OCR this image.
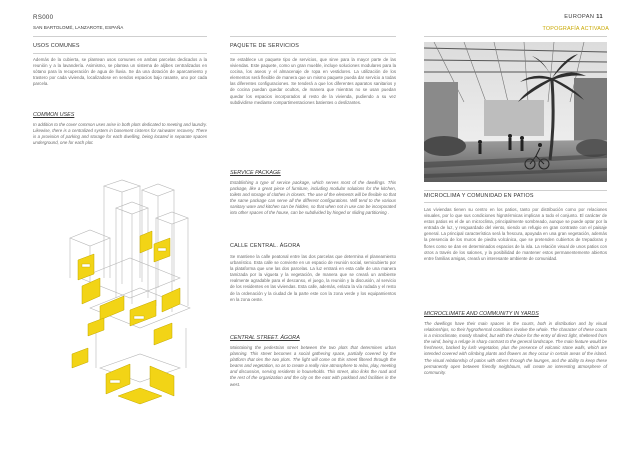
RS000
SAN BARTOLOMÉ, LANZAROTE, ESPAÑA
EUROPAN 11
TOPOGRAFÍA ACTIVADA
USOS COMUNES
Además de la cubierta, se plantean usos comunes en ambas parcelas dedicados a la reunión y a la lavandería. Asimismo, se plantea un sistema de aljibes centralizados en sótano para la recuperación de agua de lluvia. Se da una dotación de aparcamiento y trastero por cada vivienda, localizadose en sendos espacios bajo rasante, uno por cada parcela.
COMMON USES
In addition to the cover common uses arise in both plots dedicated to meeting and laundry. Likewise, there is a centralized system in basement cisterns for rainwater recovery. There is a provision of parking and storage for each dwelling, being located in separate spaces underground, one for each plot.
PAQUETE DE SERVICIOS
Se establece un paquete tipo de servicios, que sirve para la mayor parte de las viviendas. Este paquete, como un gran mueble, incluye soluciones modulares para la cocina, los aseos y el almacenaje de ropa en vestidores. La utilización de los elementos será flexible de manera que un mismo paquete pueda dar servicio a todas las diferentes configuraciones. Se tenderá a que los diferentes aparatos sanitarios y de cocina puedan quedar ocultos, de manera que mientras no se usan puedan quedar los espacios incorporados al resto de la vivienda, pudiendo a su vez subdividirse mediante compartimentaciones batientes o deslizantes.
SERVICE PACKAGE
Establishing a type of service package, which serves most of the dwellings. This package, like a great piece of furniture, including modular solutions for the kitchen, toilets and storage of clothes in closets. The use of the elements will be flexible so that the same package can serve all the different configurations. Will tend to the various sanitary ware and kitchen can be hidden, so that when not in use can be incorporated into other spaces of the house, can be subdivided by hinged or sliding partitioning .
CALLE CENTRAL. ÁGORA
Se mantiene la calle peatonal entre las dos parcelas que determina el planeamiento urbanístico. Esta calle se convierte en un espacio de reunión social, semicubierto por la plataforma que une las dos parcelas. La luz entrará en esta calle de una manera tamizada por la vigueta y la vegetación, de manera que se creará un ambiente realmente agradable para el descanso, el juego, la reunión y la discusión, al servicio de los residentes en las viviendas. Esta calle, además, enlaza la vía rodada y el resto de la ordenación y la ciudad de la parte este con la zona verde y los equipamientos en la zona oeste.
CENTRAL STREET. ÁGORA
Maintaining the pedestrian street between the two plots that determines urban planning. This street becomes a social gathering space, partially covered by the platform that ties the two plots. The light will come on this street filtered through the beams and vegetation, so as to create a really nice atmosphere to relax, play, meeting and discussion, serving residents in households. This street, also links the road and the rest of the organization and the city on the east with parkland and facilities in the west.
MICROCLIMA Y COMUNIDAD EN PATIOS
Las viviendas tienen su centro en los patios, tanto por distribución como por relaciones visuales, por lo que sus condiciones higrotérmicas implican a todo el conjunto. El carácter de estos patios es el de un microclima, principalmente sombreado, aunque se puede optar por la entrada de luz, y resguardado del viento, siendo un refugio en gran contraste con el paisaje general. La principal característica será la frescura, apoyada en una gran vegetación, además la presencia de los muros de piedra volcánica, que se pretenden cubiertos de trepadoras y flores como se dan en determinados espacios de la isla. La relación visual de unos patios con otros a través de los salones, y la posibilidad de mantener estos permanentemente abiertos entre familias amigas, creará un interesante ambiente de comunidad.
MICROCLIMATE AND COMMUNITY IN YARDS
The dwellings have their main spaces in the courts, both in distribution and by visual relationships, so their hygrothermal conditions involve the whole. The character of these courts is a microclimate, mostly shaded, but with the choice for the entry of direct light, sheltered from the wind, being a refuge in sharp contrast to the general landscape. The main feature would be freshness, backed by lush vegetation, plus the presence of volcanic stone walls, which are intended covered with climbing plants and flowers as they occur in certain areas of the island. The visual relationship of patios with others through the lounges, and the ability to keep these permanently open between friendly neighbours, will create an interesting atmosphere of community.
